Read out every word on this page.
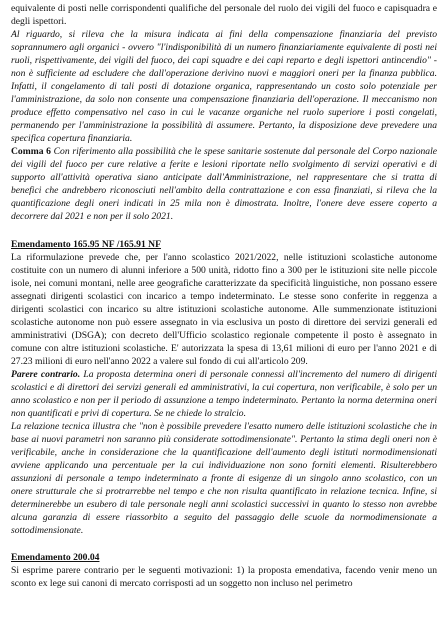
equivalente di posti nelle corrispondenti qualifiche del personale del ruolo dei vigili del fuoco e capisquadra e degli ispettori.

Al riguardo, si rileva che la misura indicata ai fini della compensazione finanziaria del previsto soprannumero agli organici - ovvero "l'indisponibilità di un numero finanziariamente equivalente di posti nei ruoli, rispettivamente, dei vigili del fuoco, dei capi squadre e dei capi reparto e degli ispettori antincendio" - non è sufficiente ad escludere che dall'operazione derivino nuovi e maggiori oneri per la finanza pubblica. Infatti, il congelamento di tali posti di dotazione organica, rappresentando un costo solo potenziale per l'amministrazione, da solo non consente una compensazione finanziaria dell'operazione. Il meccanismo non produce effetto compensativo nel caso in cui le vacanze organiche nel ruolo superiore i posti congelati, permanendo per l'amministrazione la possibilità di assumere. Pertanto, la disposizione deve prevedere una specifica copertura finanziaria.

Comma 6 Con riferimento alla possibilità che le spese sanitarie sostenute dal personale del Corpo nazionale dei vigili del fuoco per cure relative a ferite e lesioni riportate nello svolgimento di servizi operativi e di supporto all'attività operativa siano anticipate dall'Amministrazione, nel rappresentare che si tratta di benefici che andrebbero riconosciuti nell'ambito della contrattazione e con essa finanziati, si rileva che la quantificazione degli oneri indicati in 25 mila non è dimostrata. Inoltre, l'onere deve essere coperto a decorrere dal 2021 e non per il solo 2021.

Emendamento 165.95 NF /165.91 NF

La riformulazione prevede che, per l'anno scolastico 2021/2022, nelle istituzioni scolastiche autonome costituite con un numero di alunni inferiore a 500 unità, ridotto fino a 300 per le istituzioni site nelle piccole isole, nei comuni montani, nelle aree geografiche caratterizzate da specificità linguistiche, non possano essere assegnati dirigenti scolastici con incarico a tempo indeterminato. Le stesse sono conferite in reggenza a dirigenti scolastici con incarico su altre istituzioni scolastiche autonome. Alle summenzionate istituzioni scolastiche autonome non può essere assegnato in via esclusiva un posto di direttore dei servizi generali ed amministrativi (DSGA); con decreto dell'Ufficio scolastico regionale competente il posto è assegnato in comune con altre istituzioni scolastiche. E' autorizzata la spesa di 13,61 milioni di euro per l'anno 2021 e di 27.23 milioni di euro nell'anno 2022 a valere sul fondo di cui all'articolo 209.

Parere contrario. La proposta determina oneri di personale connessi all'incremento del numero di dirigenti scolastici e di direttori dei servizi generali ed amministrativi, la cui copertura, non verificabile, è solo per un anno scolastico e non per il periodo di assunzione a tempo indeterminato. Pertanto la norma determina oneri non quantificati e privi di copertura. Se ne chiede lo stralcio.

La relazione tecnica illustra che "non è possibile prevedere l'esatto numero delle istituzioni scolastiche che in base ai nuovi parametri non saranno più considerate sottodimensionate". Pertanto la stima degli oneri non è verificabile, anche in considerazione che la quantificazione dell'aumento degli istituti normodimensionati avviene applicando una percentuale per la cui individuazione non sono forniti elementi. Risulterebbero assunzioni di personale a tempo indeterminato a fronte di esigenze di un singolo anno scolastico, con un onere strutturale che si protrarrebbe nel tempo e che non risulta quantificato in relazione tecnica. Infine, si determinerebbe un esubero di tale personale negli anni scolastici successivi in quanto lo stesso non avrebbe alcuna garanzia di essere riassorbito a seguito del passaggio delle scuole da normodimensionate a sottodimensionate.

Emendamento 200.04

Si esprime parere contrario per le seguenti motivazioni: 1) la proposta emendativa, facendo venir meno un sconto ex lege sui canoni di mercato corrisposti ad un soggetto non incluso nel perimetro
